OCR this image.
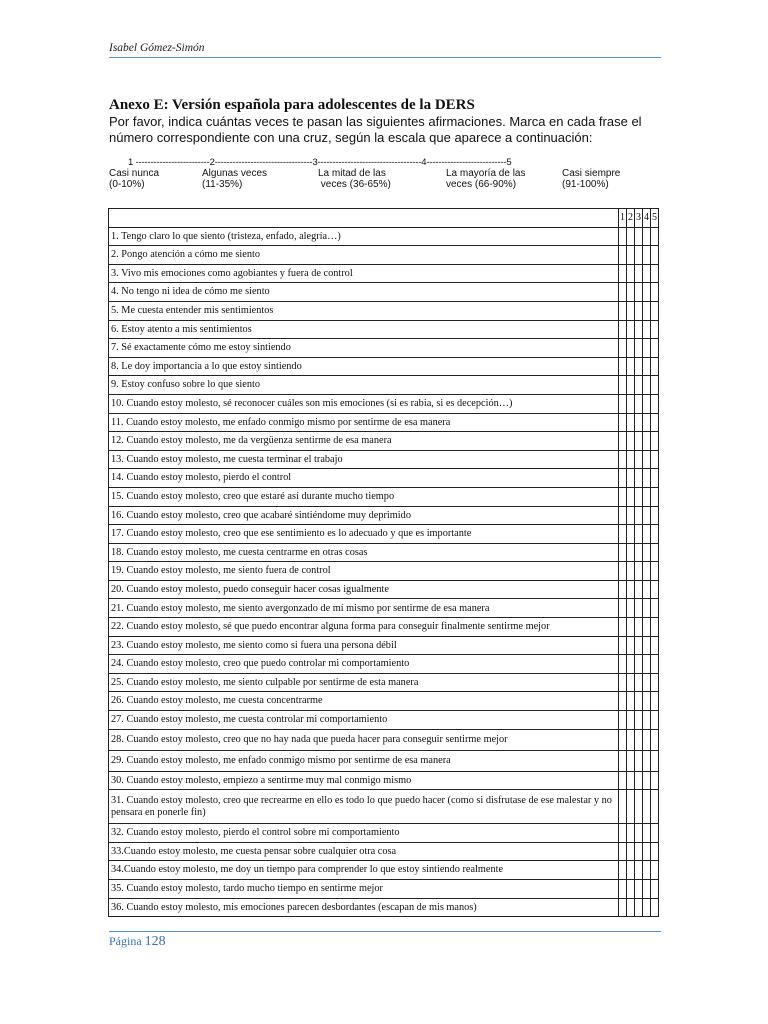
Isabel Gómez-Simón
Anexo E: Versión española para adolescentes de la DERS
Por favor, indica cuántas veces te pasan las siguientes afirmaciones. Marca en cada frase el número correspondiente con una cruz, según la escala que aparece a continuación:
1 -------------------------2---------------------------------3-----------------------------------4---------------------------5
Casi nunca
(0-10%)
Algunas veces
(11-35%)
La mitad de las
veces (36-65%)
La mayoría de las
veces (66-90%)
Casi siempre
(91-100%)
	1	2	3	4	5
1. Tengo claro lo que siento (tristeza, enfado, alegría…)					
2. Pongo atención a cómo me siento					
3. Vivo mis emociones como agobiantes y fuera de control					
4. No tengo ni idea de cómo me siento					
5. Me cuesta entender mis sentimientos					
6. Estoy atento a mis sentimientos					
7. Sé exactamente cómo me estoy sintiendo					
8. Le doy importancia a lo que estoy sintiendo					
9. Estoy confuso sobre lo que siento					
10. Cuando estoy molesto, sé reconocer cuáles son mis emociones (si es rabia, si es decepción…)					
11. Cuando estoy molesto, me enfado conmigo mismo por sentirme de esa manera					
12. Cuando estoy molesto, me da vergüenza sentirme de esa manera					
13. Cuando estoy molesto, me cuesta terminar el trabajo					
14. Cuando estoy molesto, pierdo el control					
15. Cuando estoy molesto, creo que estaré así durante mucho tiempo					
16. Cuando estoy molesto, creo que acabaré sintiéndome muy deprimido					
17. Cuando estoy molesto, creo que ese sentimiento es lo adecuado y que es importante					
18. Cuando estoy molesto, me cuesta centrarme en otras cosas					
19. Cuando estoy molesto, me siento fuera de control					
20. Cuando estoy molesto, puedo conseguir hacer cosas igualmente					
21. Cuando estoy molesto, me siento avergonzado de mí mismo por sentirme de esa manera					
22. Cuando estoy molesto, sé que puedo encontrar alguna forma para conseguir finalmente sentirme mejor					
23. Cuando estoy molesto, me siento como si fuera una persona débil					
24. Cuando estoy molesto, creo que puedo controlar mi comportamiento					
25. Cuando estoy molesto, me siento culpable por sentirme de esta manera					
26. Cuando estoy molesto, me cuesta concentrarme					
27. Cuando estoy molesto, me cuesta controlar mi comportamiento					
28. Cuando estoy molesto, creo que no hay nada que pueda hacer para conseguir sentirme mejor					
29. Cuando estoy molesto, me enfado conmigo mismo por sentirme de esa manera					
30. Cuando estoy molesto, empiezo a sentirme muy mal conmigo mismo					
31. Cuando estoy molesto, creo que recrearme en ello es todo lo que puedo hacer (como si disfrutase de ese malestar y no pensara en ponerle fin)					
32. Cuando estoy molesto, pierdo el control sobre mi comportamiento					
33.Cuando estoy molesto, me cuesta pensar sobre cualquier otra cosa					
34.Cuando estoy molesto, me doy un tiempo para comprender lo que estoy sintiendo realmente					
35. Cuando estoy molesto, tardo mucho tiempo en sentirme mejor					
36. Cuando estoy molesto, mis emociones parecen desbordantes (escapan de mis manos)					
Página 128
